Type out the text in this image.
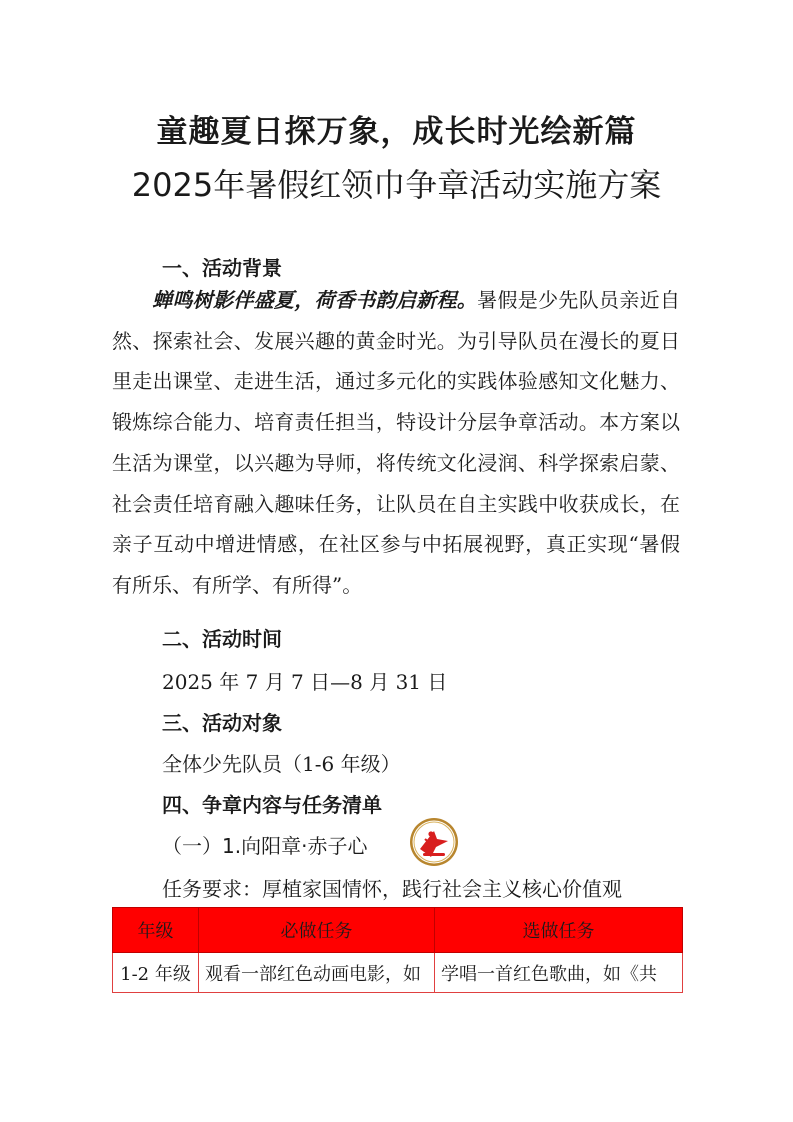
童趣夏日探万象，成长时光绘新篇
2025年暑假红领巾争章活动实施方案

一、活动背景

蝉鸣树影伴盛夏，荷香书韵启新程。暑假是少先队员亲近自然、探索社会、发展兴趣的黄金时光。为引导队员在漫长的夏日里走出课堂、走进生活，通过多元化的实践体验感知文化魅力、锻炼综合能力、培育责任担当，特设计分层争章活动。本方案以生活为课堂，以兴趣为导师，将传统文化浸润、科学探索启蒙、社会责任培育融入趣味任务，让队员在自主实践中收获成长，在亲子互动中增进情感，在社区参与中拓展视野，真正实现“暑假有所乐、有所学、有所得”。

二、活动时间

2025 年 7 月 7 日—8 月 31 日

三、活动对象

全体少先队员（1-6 年级）

四、争章内容与任务清单

（一）1.向阳章·赤子心

任务要求：厚植家国情怀，践行社会主义核心价值观

年级	必做任务	选做任务
1-2 年级	观看一部红色动画电影，如	学唱一首红色歌曲，如《共
